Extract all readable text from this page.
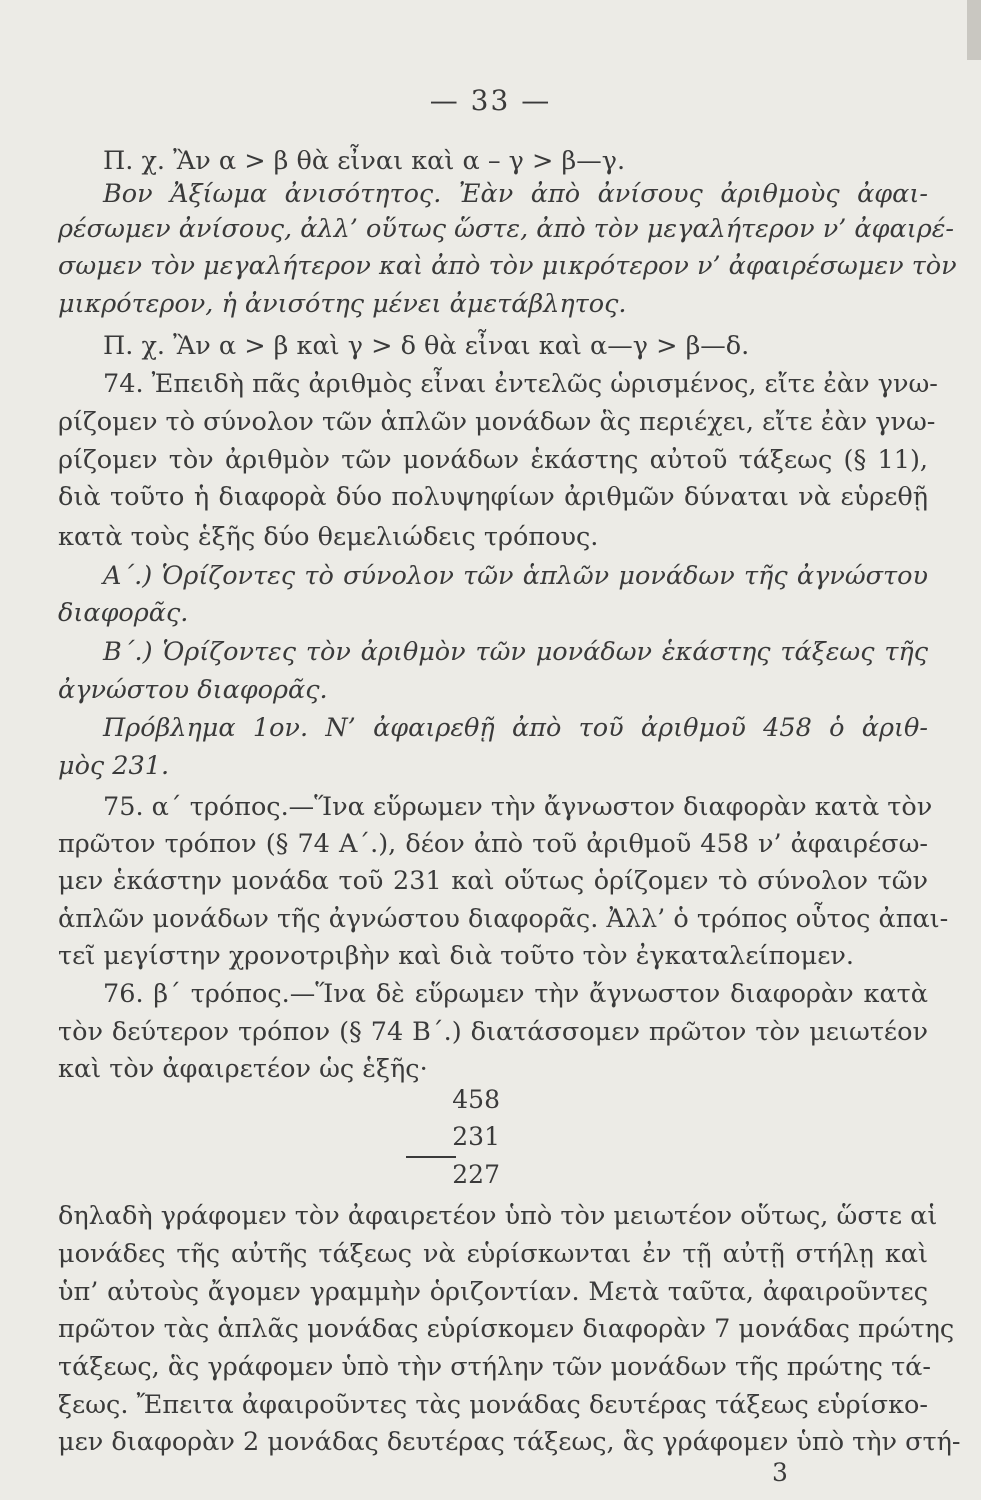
— 33 —
Π. χ. Ἂν α > β θὰ εἶναι καὶ α – γ > β—γ.
Βον Ἀξίωμα ἀνισότητος. Ἐὰν ἀπὸ ἀνίσους ἀριθμοὺς ἀφαι-
ρέσωμεν ἀνίσους, ἀλλ’ οὕτως ὥστε, ἀπὸ τὸν μεγαλήτερον ν’ ἀφαιρέ-
σωμεν τὸν μεγαλήτερον καὶ ἀπὸ τὸν μικρότερον ν’ ἀφαιρέσωμεν τὸν
μικρότερον, ἡ ἀνισότης μένει ἀμετάβλητος.
Π. χ. Ἂν α > β καὶ γ > δ θὰ εἶναι καὶ α—γ > β—δ.
74. Ἐπειδὴ πᾶς ἀριθμὸς εἶναι ἐντελῶς ὡρισμένος, εἴτε ἐὰν γνω-
ρίζομεν τὸ σύνολον τῶν ἁπλῶν μονάδων ἃς περιέχει, εἴτε ἐὰν γνω-
ρίζομεν τὸν ἀριθμὸν τῶν μονάδων ἑκάστης αὐτοῦ τάξεως (§ 11),
διὰ τοῦτο ἡ διαφορὰ δύο πολυψηφίων ἀριθμῶν δύναται νὰ εὑρεθῇ
κατὰ τοὺς ἑξῆς δύο θεμελιώδεις τρόπους.
Α΄.) Ὁρίζοντες τὸ σύνολον τῶν ἁπλῶν μονάδων τῆς ἀγνώστου
διαφορᾶς.
Β΄.) Ὁρίζοντες τὸν ἀριθμὸν τῶν μονάδων ἑκάστης τάξεως τῆς
ἀγνώστου διαφορᾶς.
Πρόβλημα 1ον. Ν’ ἀφαιρεθῇ ἀπὸ τοῦ ἀριθμοῦ 458 ὁ ἀριθ-
μὸς 231.
75. α΄ τρόπος.—Ἵνα εὕρωμεν τὴν ἄγνωστον διαφορὰν κατὰ τὸν
πρῶτον τρόπον (§ 74 Α΄.), δέον ἀπὸ τοῦ ἀριθμοῦ 458 ν’ ἀφαιρέσω-
μεν ἑκάστην μονάδα τοῦ 231 καὶ οὕτως ὁρίζομεν τὸ σύνολον τῶν
ἁπλῶν μονάδων τῆς ἀγνώστου διαφορᾶς. Ἀλλ’ ὁ τρόπος οὗτος ἀπαι-
τεῖ μεγίστην χρονοτριβὴν καὶ διὰ τοῦτο τὸν ἐγκαταλείπομεν.
76. β΄ τρόπος.—Ἵνα δὲ εὕρωμεν τὴν ἄγνωστον διαφορὰν κατὰ
τὸν δεύτερον τρόπον (§ 74 Β΄.) διατάσσομεν πρῶτον τὸν μειωτέον
καὶ τὸν ἀφαιρετέον ὡς ἑξῆς·
458
231
227
δηλαδὴ γράφομεν τὸν ἀφαιρετέον ὑπὸ τὸν μειωτέον οὕτως, ὥστε αἱ
μονάδες τῆς αὐτῆς τάξεως νὰ εὑρίσκωνται ἐν τῇ αὐτῇ στήλῃ καὶ
ὑπ’ αὐτοὺς ἄγομεν γραμμὴν ὁριζοντίαν. Μετὰ ταῦτα, ἀφαιροῦντες
πρῶτον τὰς ἁπλᾶς μονάδας εὑρίσκομεν διαφορὰν 7 μονάδας πρώτης
τάξεως, ἃς γράφομεν ὑπὸ τὴν στήλην τῶν μονάδων τῆς πρώτης τά-
ξεως. Ἔπειτα ἀφαιροῦντες τὰς μονάδας δευτέρας τάξεως εὑρίσκο-
μεν διαφορὰν 2 μονάδας δευτέρας τάξεως, ἃς γράφομεν ὑπὸ τὴν στή-
3
